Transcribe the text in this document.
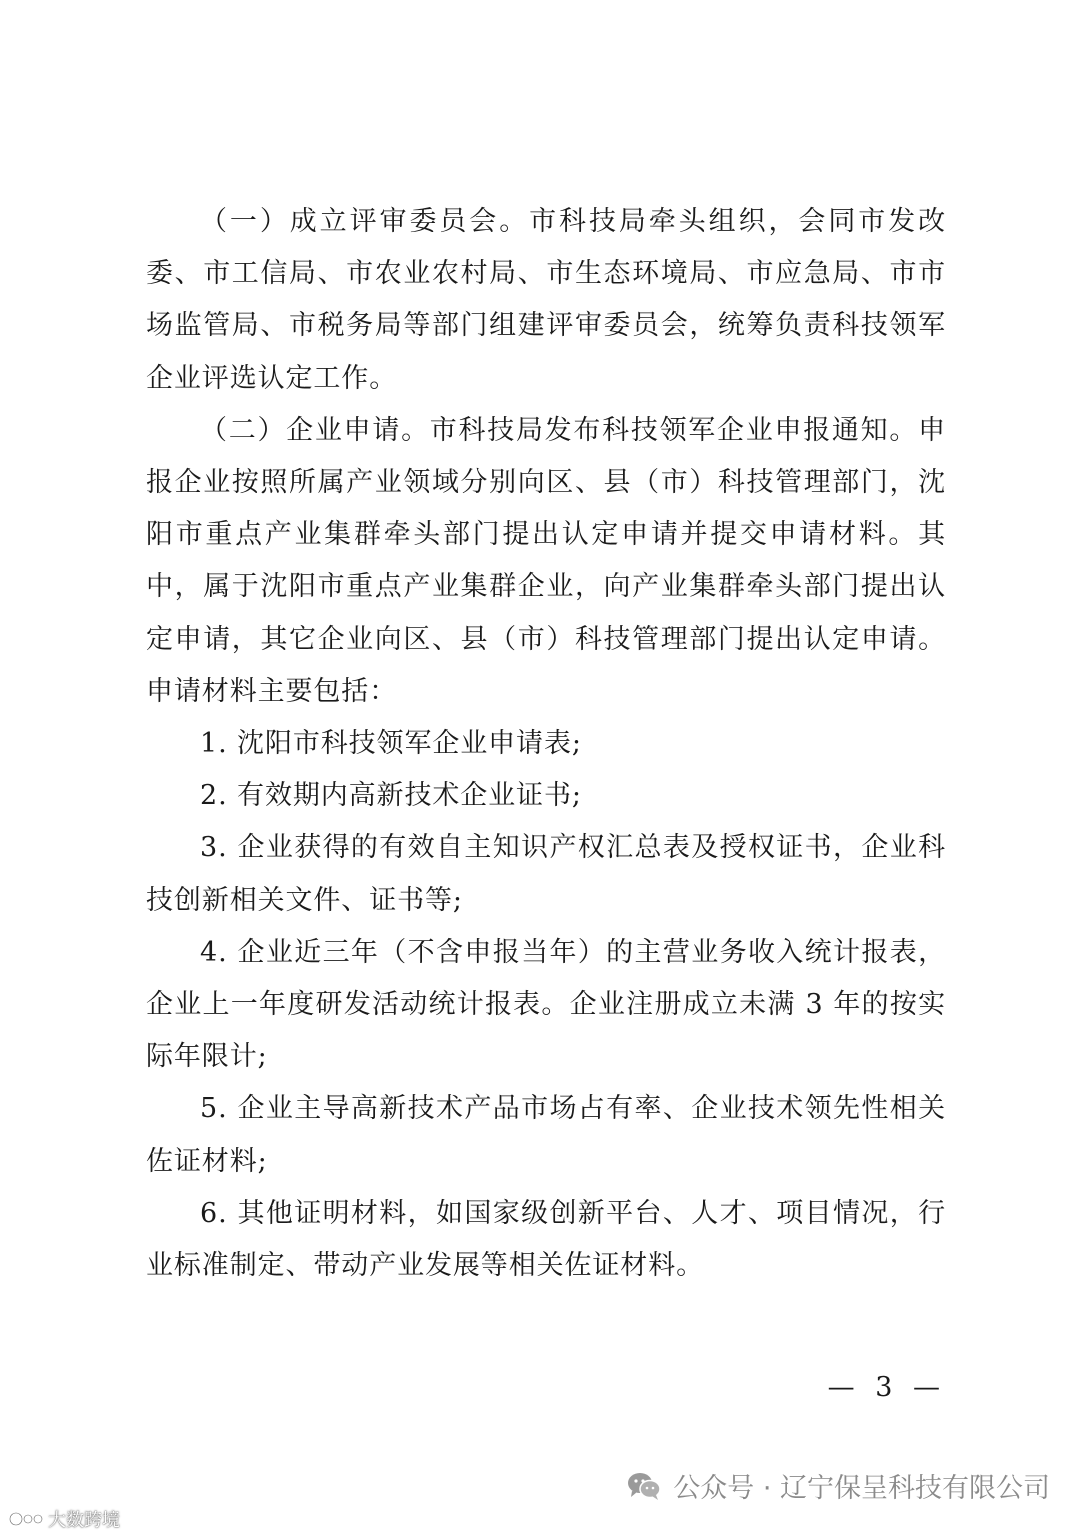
（一）成立评审委员会。市科技局牵头组织，会同市发改委、市工信局、市农业农村局、市生态环境局、市应急局、市市场监管局、市税务局等部门组建评审委员会，统筹负责科技领军企业评选认定工作。

（二）企业申请。市科技局发布科技领军企业申报通知。申报企业按照所属产业领域分别向区、县（市）科技管理部门，沈阳市重点产业集群牵头部门提出认定申请并提交申请材料。其中，属于沈阳市重点产业集群企业，向产业集群牵头部门提出认定申请，其它企业向区、县（市）科技管理部门提出认定申请。申请材料主要包括：

1. 沈阳市科技领军企业申请表;

2. 有效期内高新技术企业证书;

3. 企业获得的有效自主知识产权汇总表及授权证书，企业科技创新相关文件、证书等;

4. 企业近三年（不含申报当年）的主营业务收入统计报表，企业上一年度研发活动统计报表。企业注册成立未满 3 年的按实际年限计;

5. 企业主导高新技术产品市场占有率、企业技术领先性相关佐证材料;

6. 其他证明材料，如国家级创新平台、人才、项目情况，行业标准制定、带动产业发展等相关佐证材料。

— 3 —
大数跨境
公众号 · 辽宁保呈科技有限公司
